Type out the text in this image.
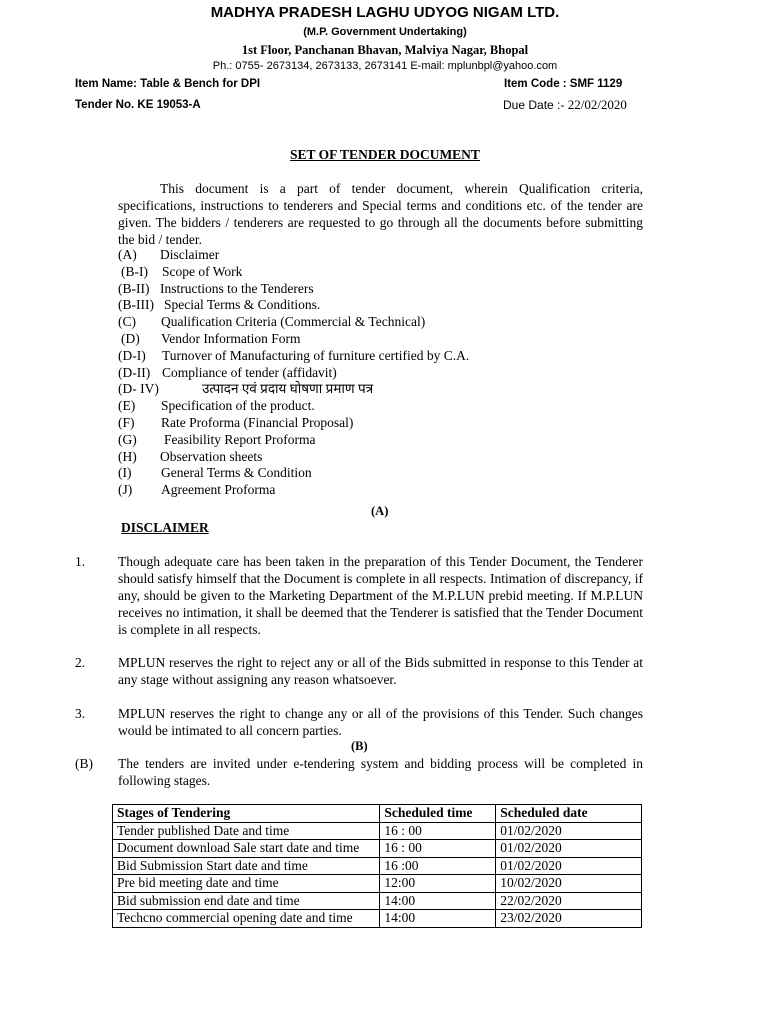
MADHYA PRADESH LAGHU UDYOG NIGAM LTD.
(M.P. Government Undertaking)
1st Floor, Panchanan Bhavan, Malviya Nagar, Bhopal
Ph.: 0755- 2673134, 2673133, 2673141 E-mail: mplunbpl@yahoo.com
Item Name: Table & Bench for DPI	Item Code : SMF 1129
Tender No. KE 19053-A	Due Date :- 22/02/2020
SET OF TENDER DOCUMENT
This document is a part of tender document, wherein Qualification criteria, specifications, instructions to tenderers and Special terms and conditions etc. of the tender are given. The bidders / tenderers are requested to go through all the documents before submitting the bid / tender.
(A) Disclaimer
(B-I) Scope of Work
(B-II) Instructions to the Tenderers
(B-III) Special Terms & Conditions.
(C) Qualification Criteria (Commercial & Technical)
(D) Vendor Information Form
(D-I) Turnover of Manufacturing of furniture certified by C.A.
(D-II) Compliance of tender (affidavit)
(D- IV)	उत्पादन एवं प्रदाय घोषणा प्रमाण पत्र
(E) Specification of the product.
(F) Rate Proforma (Financial Proposal)
(G) Feasibility Report Proforma
(H) Observation sheets
(I) General Terms & Condition
(J) Agreement Proforma
(A)
DISCLAIMER
1. Though adequate care has been taken in the preparation of this Tender Document, the Tenderer should satisfy himself that the Document is complete in all respects. Intimation of discrepancy, if any, should be given to the Marketing Department of the M.P.LUN prebid meeting. If M.P.LUN receives no intimation, it shall be deemed that the Tenderer is satisfied that the Tender Document is complete in all respects.
2. MPLUN reserves the right to reject any or all of the Bids submitted in response to this Tender at any stage without assigning any reason whatsoever.
3. MPLUN reserves the right to change any or all of the provisions of this Tender. Such changes would be intimated to all concern parties.
(B)
(B) The tenders are invited under e-tendering system and bidding process will be completed in following stages.
Stages of Tendering	Scheduled time	Scheduled date
Tender published Date and time	16 : 00	01/02/2020
Document download Sale start date and time	16 : 00	01/02/2020
Bid Submission Start date and time	16 :00	01/02/2020
Pre bid meeting date and time	12:00	10/02/2020
Bid submission end date and time	14:00	22/02/2020
Techcno commercial opening date and time	14:00	23/02/2020
